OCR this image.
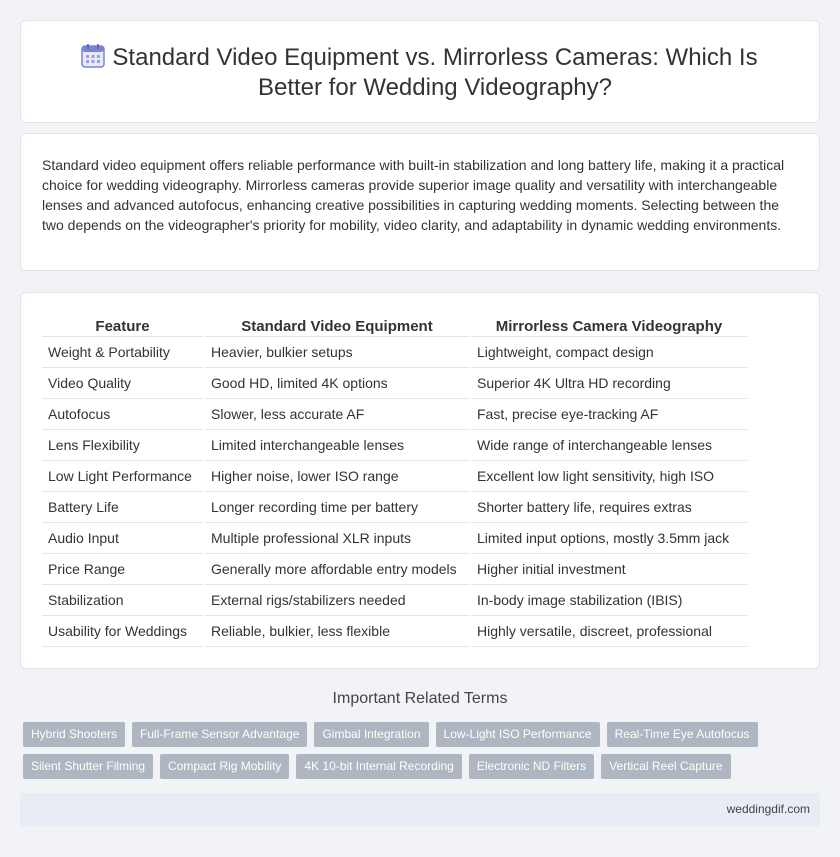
Standard Video Equipment vs. Mirrorless Cameras: Which Is Better for Wedding Videography?

Standard video equipment offers reliable performance with built-in stabilization and long battery life, making it a practical choice for wedding videography. Mirrorless cameras provide superior image quality and versatility with interchangeable lenses and advanced autofocus, enhancing creative possibilities in capturing wedding moments. Selecting between the two depends on the videographer's priority for mobility, video clarity, and adaptability in dynamic wedding environments.

Feature		Standard Video Equipment		Mirrorless Camera Videography
Weight & Portability		Heavier, bulkier setups		Lightweight, compact design
Video Quality		Good HD, limited 4K options		Superior 4K Ultra HD recording
Autofocus		Slower, less accurate AF		Fast, precise eye-tracking AF
Lens Flexibility		Limited interchangeable lenses		Wide range of interchangeable lenses
Low Light Performance		Higher noise, lower ISO range		Excellent low light sensitivity, high ISO
Battery Life		Longer recording time per battery		Shorter battery life, requires extras
Audio Input		Multiple professional XLR inputs		Limited input options, mostly 3.5mm jack
Price Range		Generally more affordable entry models		Higher initial investment
Stabilization		External rigs/stabilizers needed		In-body image stabilization (IBIS)
Usability for Weddings		Reliable, bulkier, less flexible		Highly versatile, discreet, professional
Important Related Terms
Hybrid Shooters	Full-Frame Sensor Advantage	Gimbal Integration	Low-Light ISO Performance	Real-Time Eye Autofocus
Silent Shutter Filming	Compact Rig Mobility	4K 10-bit Internal Recording	Electronic ND Filters	Vertical Reel Capture
weddingdif.com
